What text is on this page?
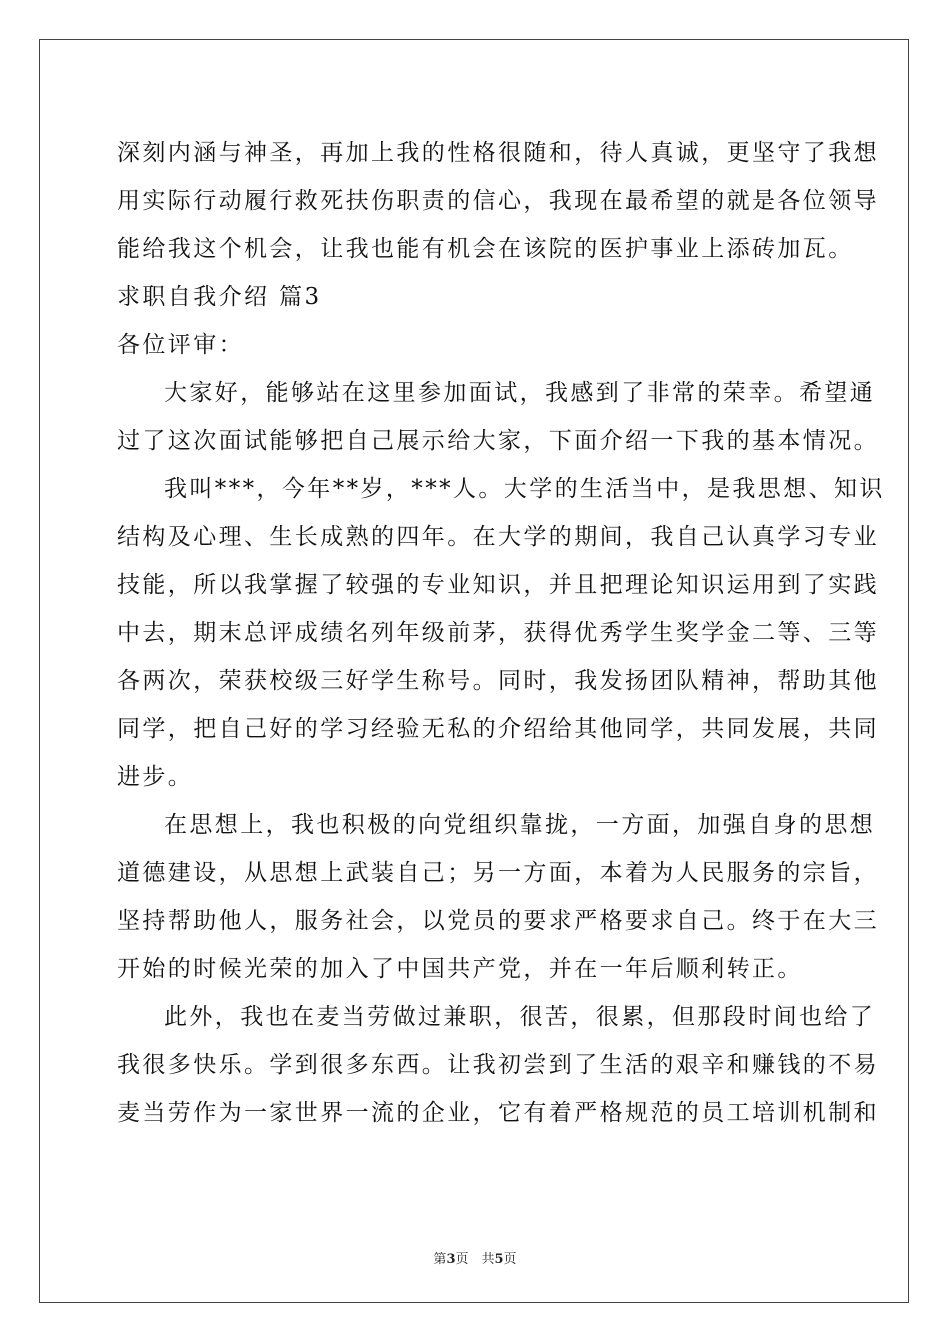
深刻内涵与神圣，再加上我的性格很随和，待人真诚，更坚守了我想
用实际行动履行救死扶伤职责的信心，我现在最希望的就是各位领导
能给我这个机会，让我也能有机会在该院的医护事业上添砖加瓦。
求职自我介绍 篇3
各位评审：
大家好，能够站在这里参加面试，我感到了非常的荣幸。希望通
过了这次面试能够把自己展示给大家，下面介绍一下我的基本情况。
我叫***，今年**岁，***人。大学的生活当中，是我思想、知识
结构及心理、生长成熟的四年。在大学的期间，我自己认真学习专业
技能，所以我掌握了较强的专业知识，并且把理论知识运用到了实践
中去，期末总评成绩名列年级前茅，获得优秀学生奖学金二等、三等
各两次，荣获校级三好学生称号。同时，我发扬团队精神，帮助其他
同学，把自己好的学习经验无私的介绍给其他同学，共同发展，共同
进步。
在思想上，我也积极的向党组织靠拢，一方面，加强自身的思想
道德建设，从思想上武装自己；另一方面，本着为人民服务的宗旨，
坚持帮助他人，服务社会，以党员的要求严格要求自己。终于在大三
开始的时候光荣的加入了中国共产党，并在一年后顺利转正。
此外，我也在麦当劳做过兼职，很苦，很累，但那段时间也给了
我很多快乐。学到很多东西。让我初尝到了生活的艰辛和赚钱的不易
麦当劳作为一家世界一流的企业，它有着严格规范的员工培训机制和
第3页　共5页
